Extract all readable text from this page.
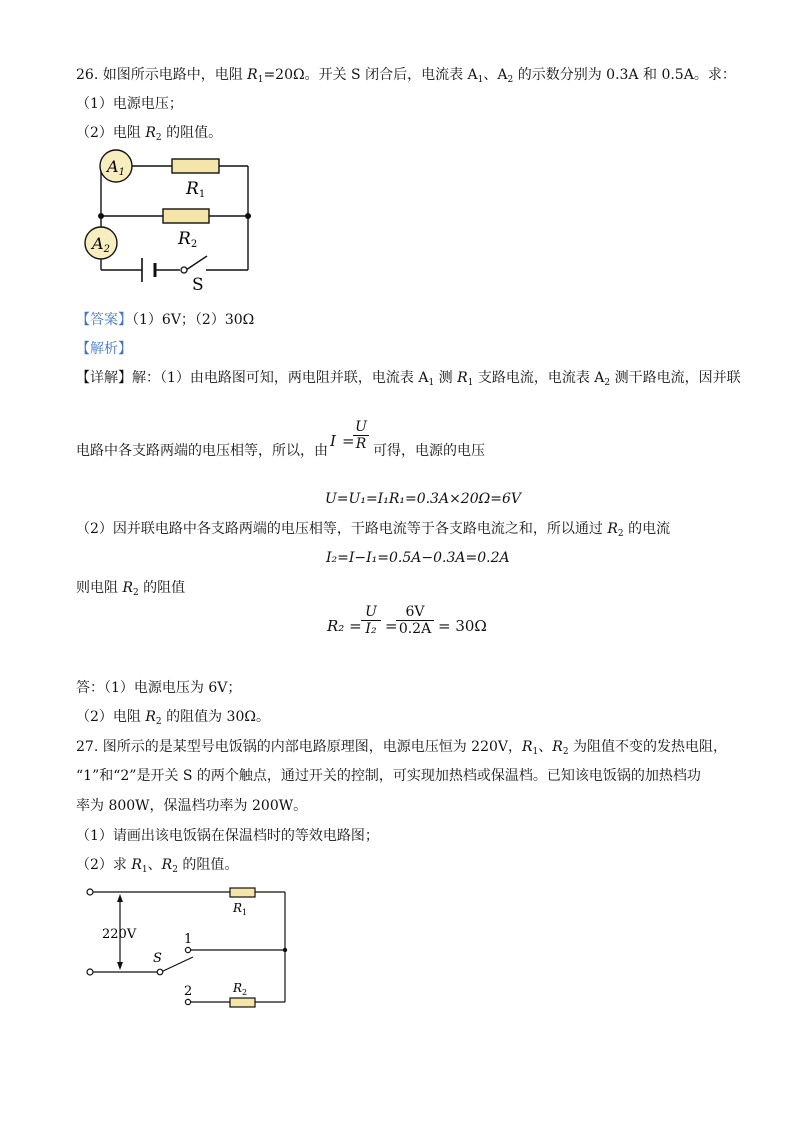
26. 如图所示电路中，电阻 $R_1=20\Omega$。开关 S 闭合后，电流表 $A_1$、$A_2$ 的示数分别为 0.3A 和 0.5A。求：
（1）电源电压；
（2）电阻 $R_2$ 的阻值。
A1
A2
R1
R2
S
【答案】（1）6V；（2）30Ω
【解析】
【详解】解：（1）由电路图可知，两电阻并联，电流表 $A_1$ 测 $R_1$ 支路电流，电流表 $A_2$ 测干路电流，因并联
电路中各支路两端的电压相等，所以，由
I =
$\frac{U}{R}$ 可得，电源的电压
U=U₁=I₁R₁=0.3A×20Ω=6V
（2）因并联电路中各支路两端的电压相等，干路电流等于各支路电流之和，所以通过 $R_2$ 的电流
I₂=I−I₁=0.5A−0.3A=0.2A
则电阻 $R_2$ 的阻值
$R_2 = \frac{U}{\text{I₂}}$ =
$\frac{6V}{0.2A} = 30\Omega$
答：（1）电源电压为 6V；
（2）电阻 $R_2$ 的阻值为 30Ω。
27. 图所示的是某型号电饭锅的内部电路原理图，电源电压恒为 220V，$R_1$、$R_2$ 为阻值不变的发热电阻，
“1”和“2”是开关 S 的两个触点，通过开关的控制，可实现加热档或保温档。已知该电饭锅的加热档功
率为 800W，保温档功率为 200W。
（1）请画出该电饭锅在保温档时的等效电路图；
（2）求 $R_1$、$R_2$ 的阻值。
220V	1
2
S
$R_1$
$R_2$
